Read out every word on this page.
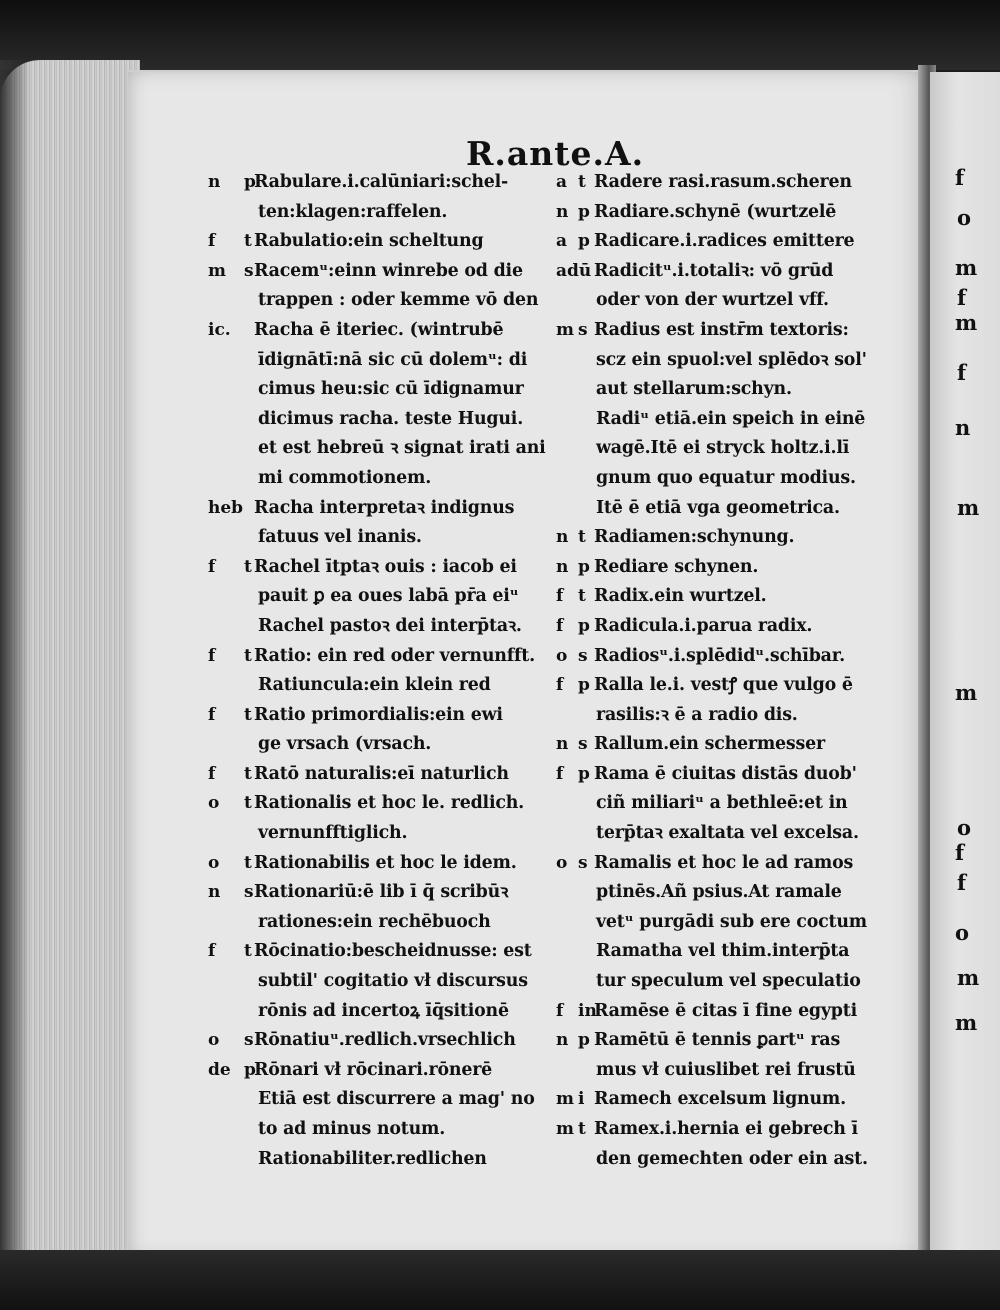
R.ante.A.
n p
Rabulare.i.calūniari:schel-
ten:klagen:raffelen.
f t Rabulatio:ein scheltung
m s Racemᵘ:einn winrebe od die
trappen : oder kemme vō den
ic. Racha ē iteriec. (wintrubē
īdignātī:nā sic cū dolemᵘ: di
cimus heu:sic cū īdignamur
dicimus racha. teste Hugui.
et est hebreū ꝛ signat irati ani
mi commotionem.
heb Racha interpretaꝛ indignus
fatuus vel inanis.
f t Rachel ītptaꝛ ouis : iacob ei
pauit ꝑ ea oues labā pr̄a eiᵘ
Rachel pastoꝛ dei interp̄taꝛ.
f t Ratio: ein red oder vernunfft.
Ratiuncula:ein klein red
f t Ratio primordialis:ein ewi
ge vrsach (vrsach.
f t Ratō naturalis:eī naturlich
o t Rationalis et hoc le. redlich.
vernunfftiglich.
o t Rationabilis et hoc le idem.
n s Rationariū:ē lib ī q̄ scribūꝛ
rationes:ein rechēbuoch
f t Rōcinatio:bescheidnusse: est
subtil' cogitatio vł discursus
rōnis ad incertoꝝ īq̄sitionē
o s Rōnatiuᵘ.redlich.vrsechlich
de p
Rōnari vł rōcinari.rōnerē
Etiā est discurrere a mag' no
to ad minus notum.
Rationabiliter.redlichen
a t Radere rasi.rasum.scheren
n p Radiare.schynē (wurtzelē
a p Radicare.i.radices emittere
adū Radicitᵘ.i.totaliꝛ: vō grūd
oder von der wurtzel vff.
m s Radius est instr̄m textoris:
scz ein spuol:vel splēdoꝛ sol'
aut stellarum:schyn.
Radiᵘ etiā.ein speich in einē
wagē.Itē ei stryck holtz.i.lī
gnum quo equatur modius.
Itē ē etiā vga geometrica.
n t Radiamen:schynung.
n p Rediare schynen.
f t Radix.ein wurtzel.
f p Radicula.i.parua radix.
o s Radiosᵘ.i.splēdidᵘ.schībar.
f p Ralla le.i. vestꝭ que vulgo ē
rasilis:ꝛ ē a radio dis.
n s Rallum.ein schermesser
f p Rama ē ciuitas distās duob'
ciñ miliariᵘ a bethleē:et in
terp̄taꝛ exaltata vel excelsa.
o s Ramalis et hoc le ad ramos
ptinēs.Añ psius.At ramale
vetᵘ purgādi sub ere coctum
Ramatha vel thim.interp̄ta
tur speculum vel speculatio
f in
Ramēse ē citas ī fine egypti
n p Ramētū ē tennis ꝑartᵘ ras
mus vł cuiuslibet rei frustū
m i Ramech excelsum lignum.
m t Ramex.i.hernia ei gebrech ī
den gemechten oder ein ast.
f
o
m
f
m
f
n
m
m
o
f
f
o
m
m
